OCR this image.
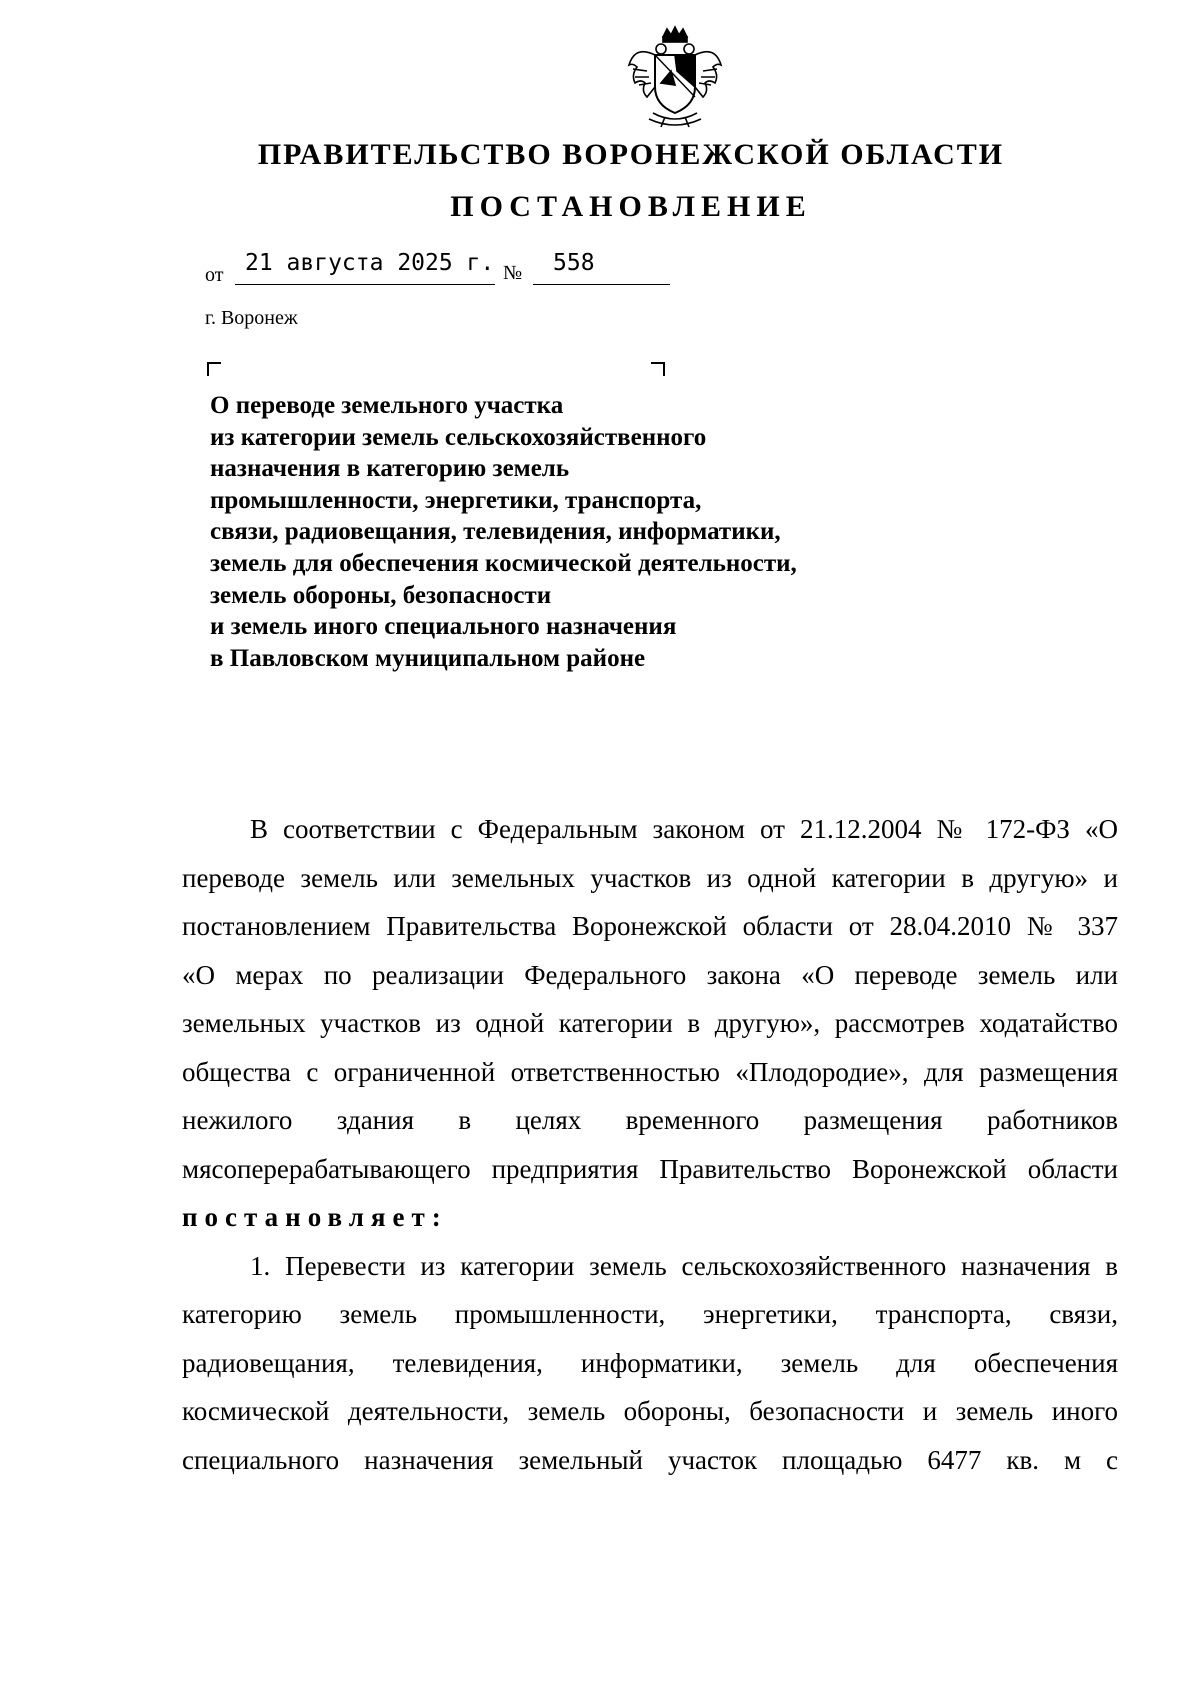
ПРАВИТЕЛЬСТВО ВОРОНЕЖСКОЙ ОБЛАСТИ
ПОСТАНОВЛЕНИЕ
от 21 августа 2025 г. № 558
г. Воронеж
О переводе земельного участка
из категории земель сельскохозяйственного
назначения в категорию земель
промышленности, энергетики, транспорта,
связи, радиовещания, телевидения, информатики,
земель для обеспечения космической деятельности,
земель обороны, безопасности
и земель иного специального назначения
в Павловском муниципальном районе
В соответствии с Федеральным законом от 21.12.2004 № 172-ФЗ «О
переводе земель или земельных участков из одной категории в другую» и
постановлением Правительства Воронежской области от 28.04.2010 № 337
«О мерах по реализации Федерального закона «О переводе земель или
земельных участков из одной категории в другую», рассмотрев ходатайство
общества с ограниченной ответственностью «Плодородие», для размещения
нежилого здания в целях временного размещения работников
мясоперерабатывающего предприятия Правительство Воронежской области
постановляет:
1. Перевести из категории земель сельскохозяйственного назначения в
категорию земель промышленности, энергетики, транспорта, связи,
радиовещания, телевидения, информатики, земель для обеспечения
космической деятельности, земель обороны, безопасности и земель иного
специального назначения земельный участок площадью 6477 кв. м с
